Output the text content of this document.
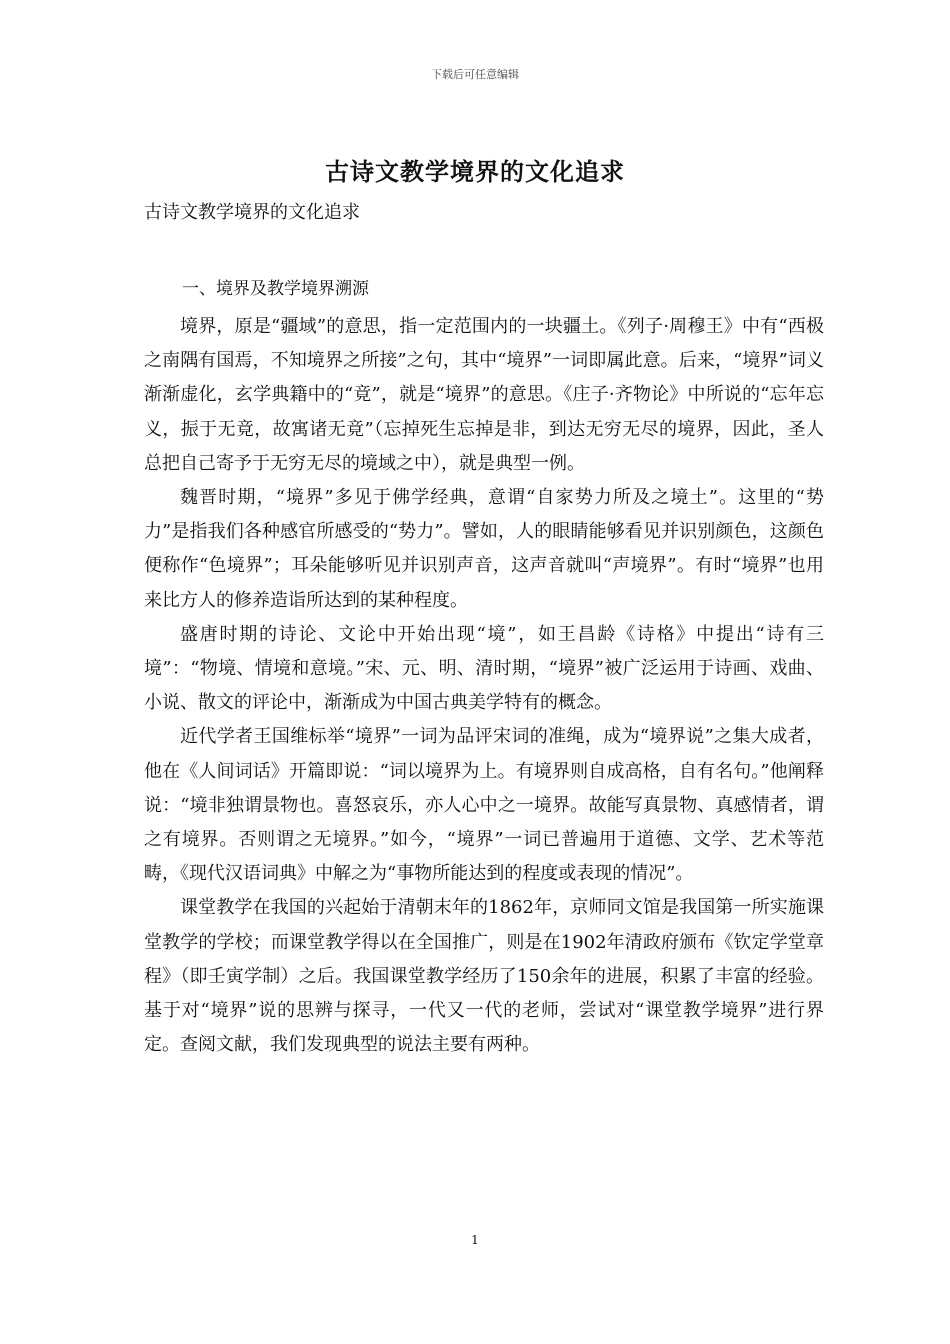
下载后可任意编辑
古诗文教学境界的文化追求

古诗文教学境界的文化追求

一、境界及教学境界溯源

境界，原是“疆域”的意思，指一定范围内的一块疆土。《列子·周穆王》中有“西极之南隅有国焉，不知境界之所接”之句，其中“境界”一词即属此意。后来，“境界”词义渐渐虚化，玄学典籍中的“竟”，就是“境界”的意思。《庄子·齐物论》中所说的“忘年忘义，振于无竟，故寓诸无竟”（忘掉死生忘掉是非，到达无穷无尽的境界，因此，圣人总把自己寄予于无穷无尽的境域之中），就是典型一例。

魏晋时期，“境界”多见于佛学经典，意谓“自家势力所及之境土”。这里的“势力”是指我们各种感官所感受的“势力”。譬如，人的眼睛能够看见并识别颜色，这颜色便称作“色境界”；耳朵能够听见并识别声音，这声音就叫“声境界”。有时“境界”也用来比方人的修养造诣所达到的某种程度。

盛唐时期的诗论、文论中开始出现“境”，如王昌龄《诗格》中提出“诗有三境”：“物境、情境和意境。”宋、元、明、清时期，“境界”被广泛运用于诗画、戏曲、小说、散文的评论中，渐渐成为中国古典美学特有的概念。

近代学者王国维标举“境界”一词为品评宋词的准绳，成为“境界说”之集大成者，他在《人间词话》开篇即说：“词以境界为上。有境界则自成高格，自有名句。”他阐释说：“境非独谓景物也。喜怒哀乐，亦人心中之一境界。故能写真景物、真感情者，谓之有境界。否则谓之无境界。”如今，“境界”一词已普遍用于道德、文学、艺术等范畴，《现代汉语词典》中解之为“事物所能达到的程度或表现的情况”。

课堂教学在我国的兴起始于清朝末年的1862年，京师同文馆是我国第一所实施课堂教学的学校；而课堂教学得以在全国推广，则是在1902年清政府颁布《钦定学堂章程》（即壬寅学制）之后。我国课堂教学经历了150余年的进展，积累了丰富的经验。基于对“境界”说的思辨与探寻，一代又一代的老师，尝试对“课堂教学境界”进行界定。查阅文献，我们发现典型的说法主要有两种。

1
